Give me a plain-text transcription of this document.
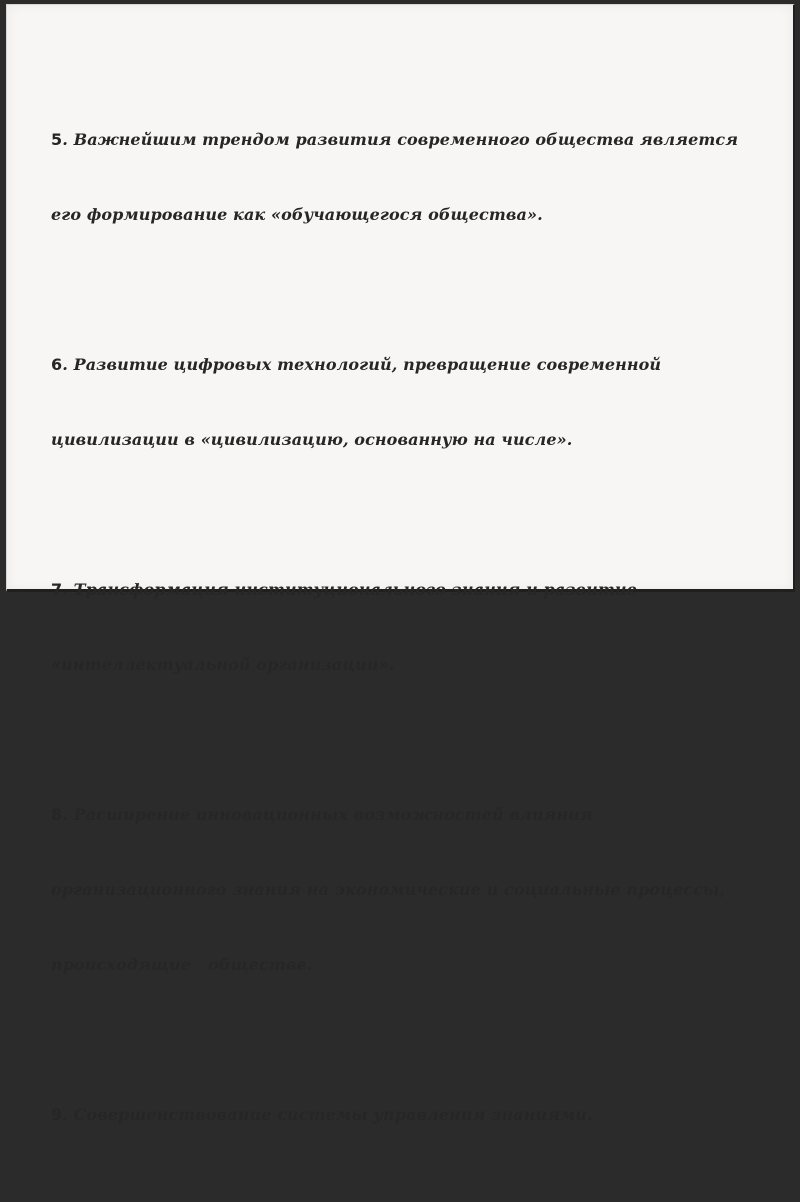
5. Важнейшим трендом развития современного общества является

его формирование как «обучающегося общества».

6. Развитие цифровых технологий, превращение современной

цивилизации в «цивилизацию, основанную на числе».

7. Трансформация институционального знания и развитие

«интеллектуальной организации».

8. Расширение инновационных возможностей влияния

организационного знания на экономические и социальные процессы,

происходящие   обществе.

9. Совершенствование системы управления знаниями.
